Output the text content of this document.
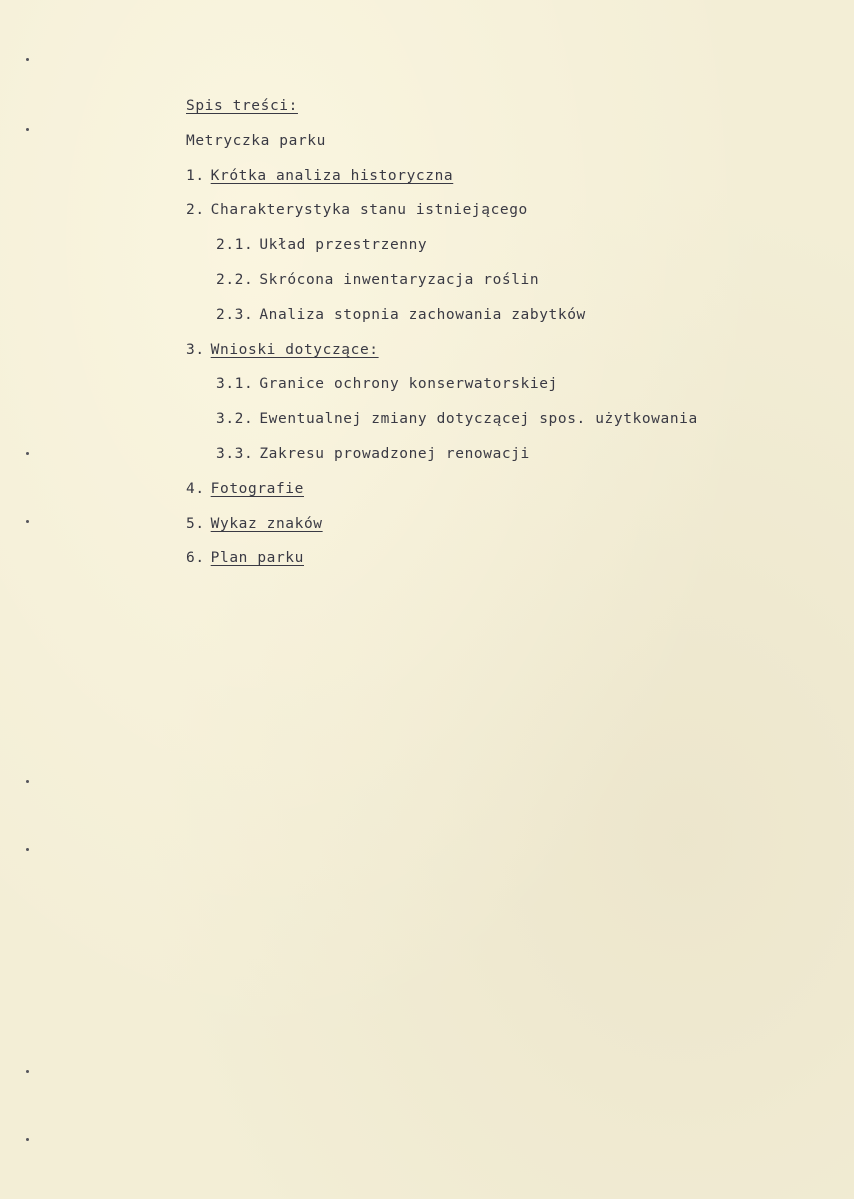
Spis treści:
Metryczka parku
1. Krótka analiza historyczna
2. Charakterystyka stanu istniejącego
2.1. Układ przestrzenny
2.2. Skrócona inwentaryzacja roślin
2.3. Analiza stopnia zachowania zabytków
3. Wnioski dotyczące:
3.1. Granice ochrony konserwatorskiej
3.2. Ewentualnej zmiany dotyczącej spos. użytkowania
3.3. Zakresu prowadzonej renowacji
4. Fotografie
5. Wykaz znaków
6. Plan parku
